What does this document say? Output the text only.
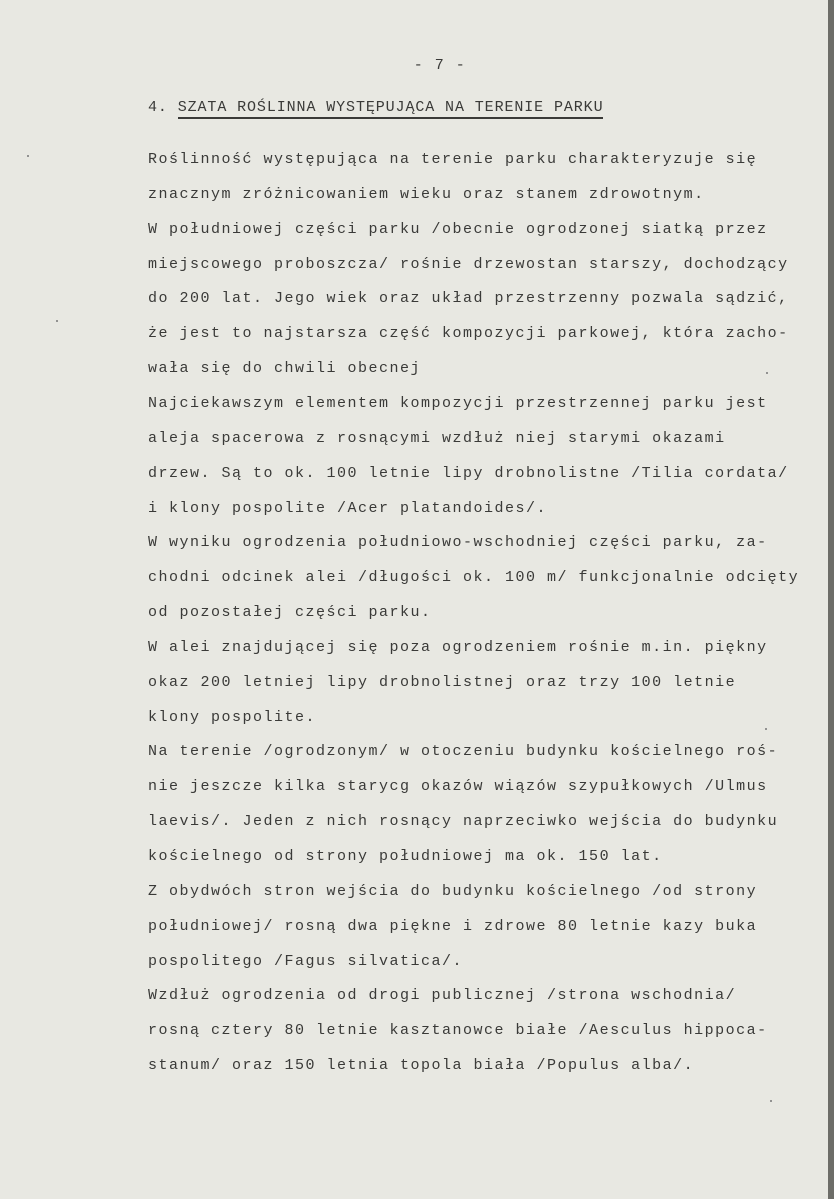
- 7 -
4. SZATA ROŚLINNA WYSTĘPUJĄCA NA TERENIE PARKU
Roślinność występująca na terenie parku charakteryzuje się
znacznym zróżnicowaniem wieku oraz stanem zdrowotnym.
W południowej części parku /obecnie ogrodzonej siatką przez
miejscowego proboszcza/ rośnie drzewostan starszy, dochodzący
do 200 lat. Jego wiek oraz układ przestrzenny pozwala sądzić,
że jest to najstarsza część kompozycji parkowej, która zacho-
wała się do chwili obecnej
Najciekawszym elementem kompozycji przestrzennej parku jest
aleja spacerowa z rosnącymi wzdłuż niej starymi okazami
drzew. Są to ok. 100 letnie lipy drobnolistne /Tilia cordata/
i klony pospolite /Acer platandoides/.
W wyniku ogrodzenia południowo-wschodniej części parku, za-
chodni odcinek alei /długości ok. 100 m/ funkcjonalnie odcięty
od pozostałej części parku.
W alei znajdującej się poza ogrodzeniem rośnie m.in. piękny
okaz 200 letniej lipy drobnolistnej oraz trzy 100 letnie
klony pospolite.
Na terenie /ogrodzonym/ w otoczeniu budynku kościelnego roś-
nie jeszcze kilka starycg okazów wiązów szypułkowych /Ulmus
laevis/. Jeden z nich rosnący naprzeciwko wejścia do budynku
kościelnego od strony południowej ma ok. 150 lat.
Z obydwóch stron wejścia do budynku kościelnego /od strony
południowej/ rosną dwa piękne i zdrowe 80 letnie kazy buka
pospolitego /Fagus silvatica/.
Wzdłuż ogrodzenia od drogi publicznej /strona wschodnia/
rosną cztery 80 letnie kasztanowce białe /Aesculus hippoca-
stanum/ oraz 150 letnia topola biała /Populus alba/.
